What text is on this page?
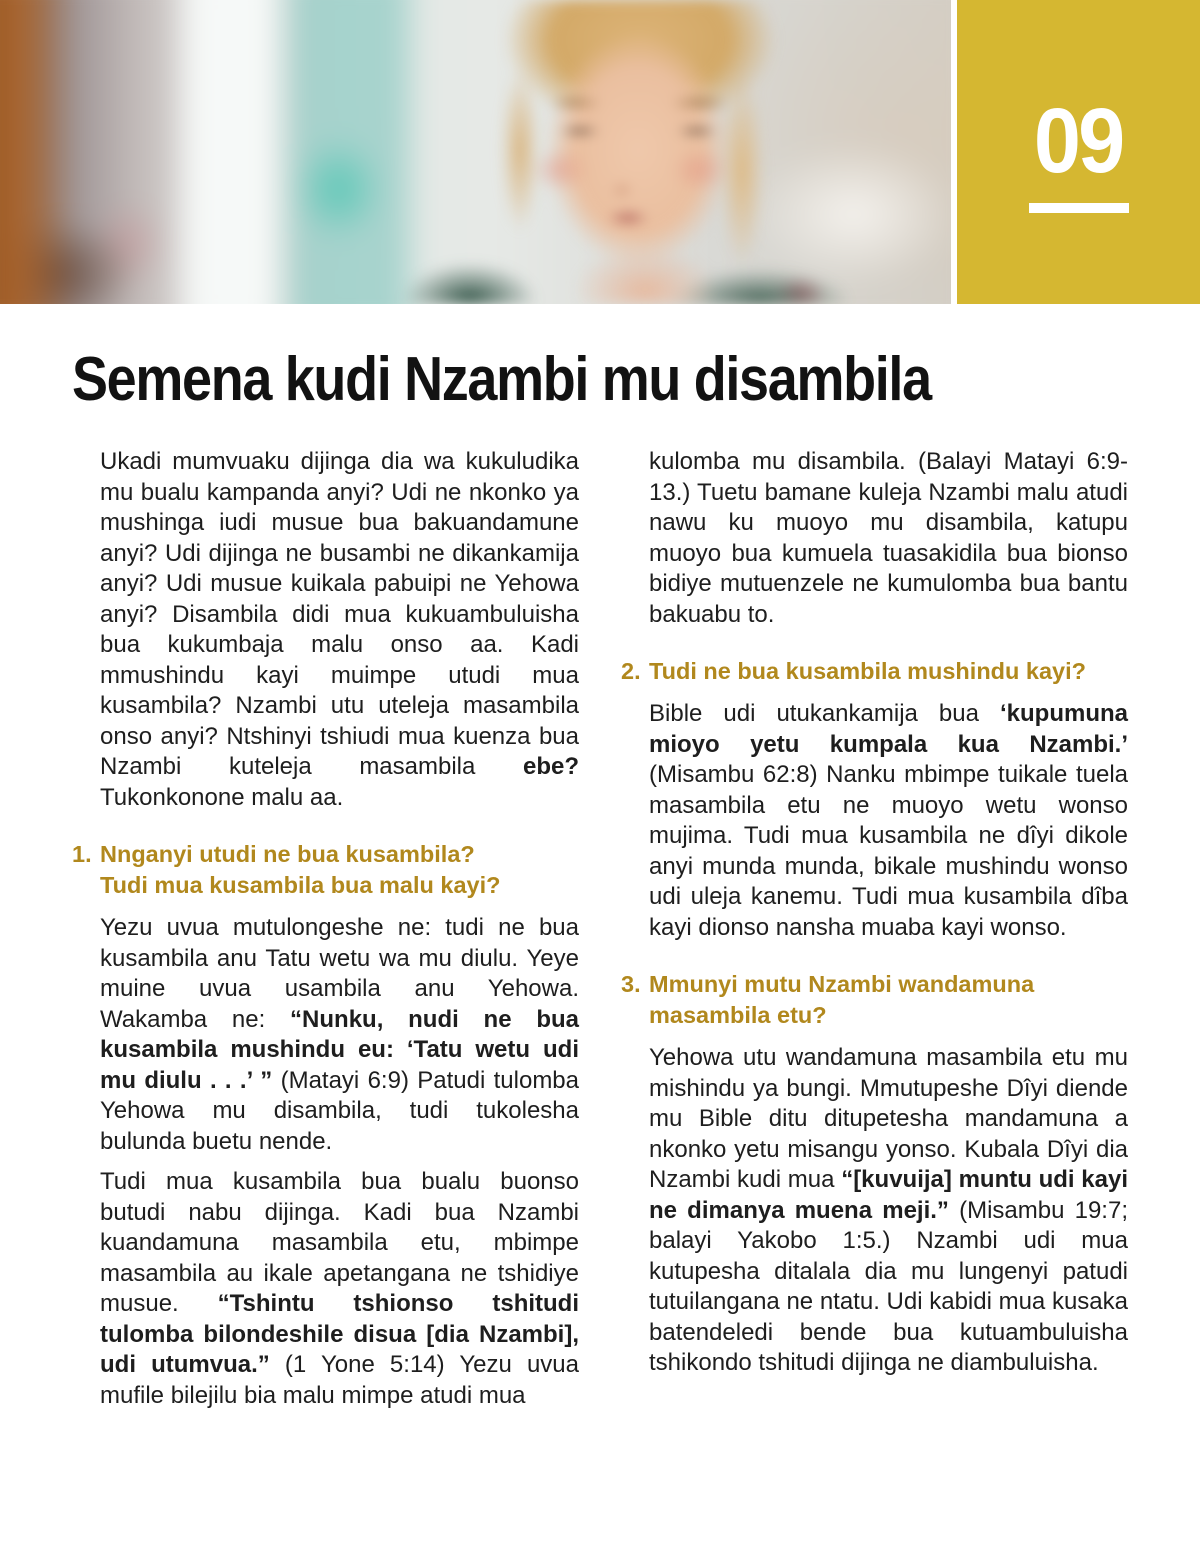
09
Semena kudi Nzambi mu disambila

Ukadi mumvuaku dijinga dia wa kukuludika mu bualu kampanda anyi? Udi ne nkonko ya mushinga iudi musue bua bakuandamune anyi? Udi dijinga ne busambi ne dikankamija anyi? Udi musue kuikala pabuipi ne Yehowa anyi? Disambila didi mua kukuambuluisha bua kukumbaja malu onso aa. Kadi mmushindu kayi muimpe utudi mua kusambila? Nzambi utu uteleja masambila onso anyi? Ntshinyi tshiudi mua kuenza bua Nzambi kuteleja masambila ebe? Tukonkonone malu aa.

1. Nnganyi utudi ne bua kusambila?
Tudi mua kusambila bua malu kayi?

Yezu uvua mutulongeshe ne: tudi ne bua kusambila anu Tatu wetu wa mu diulu. Yeye muine uvua usambila anu Yehowa. Wakamba ne: “Nunku, nudi ne bua kusambila mushindu eu: ‘Tatu wetu udi mu diulu . . .’ ” (Matayi 6:9) Patudi tulomba Yehowa mu disambila, tudi tukolesha bulunda buetu nende.

Tudi mua kusambila bua bualu buonso butudi nabu dijinga. Kadi bua Nzambi kuandamuna masambila etu, mbimpe masambila au ikale apetangana ne tshidiye musue. “Tshintu tshionso tshitudi tulomba bilondeshile disua [dia Nzambi], udi utumvua.” (1 Yone 5:14) Yezu uvua mufile bilejilu bia malu mimpe atudi mua

kulomba mu disambila. (Balayi Matayi 6:9-13.) Tuetu bamane kuleja Nzambi malu atudi nawu ku muoyo mu disambila, katupu muoyo bua kumuela tuasakidila bua bionso bidiye mutuenzele ne kumulomba bua bantu bakuabu to.

2. Tudi ne bua kusambila mushindu kayi?

Bible udi utukankamija bua ‘kupumuna mioyo yetu kumpala kua Nzambi.’ (Misambu 62:8) Nanku mbimpe tuikale tuela masambila etu ne muoyo wetu wonso mujima. Tudi mua kusambila ne dîyi dikole anyi munda munda, bikale mushindu wonso udi uleja kanemu. Tudi mua kusambila dîba kayi dionso nansha muaba kayi wonso.

3. Mmunyi mutu Nzambi wandamuna
masambila etu?

Yehowa utu wandamuna masambila etu mu mishindu ya bungi. Mmutupeshe Dîyi diende mu Bible ditu ditupetesha mandamuna a nkonko yetu misangu yonso. Kubala Dîyi dia Nzambi kudi mua “[kuvuija] muntu udi kayi ne dimanya muena meji.” (Misambu 19:7; balayi Yakobo 1:5.) Nzambi udi mua kutupesha ditalala dia mu lungenyi patudi tutuilangana ne ntatu. Udi kabidi mua kusaka batendeledi bende bua kutuambuluisha tshikondo tshitudi dijinga ne diambuluisha.
